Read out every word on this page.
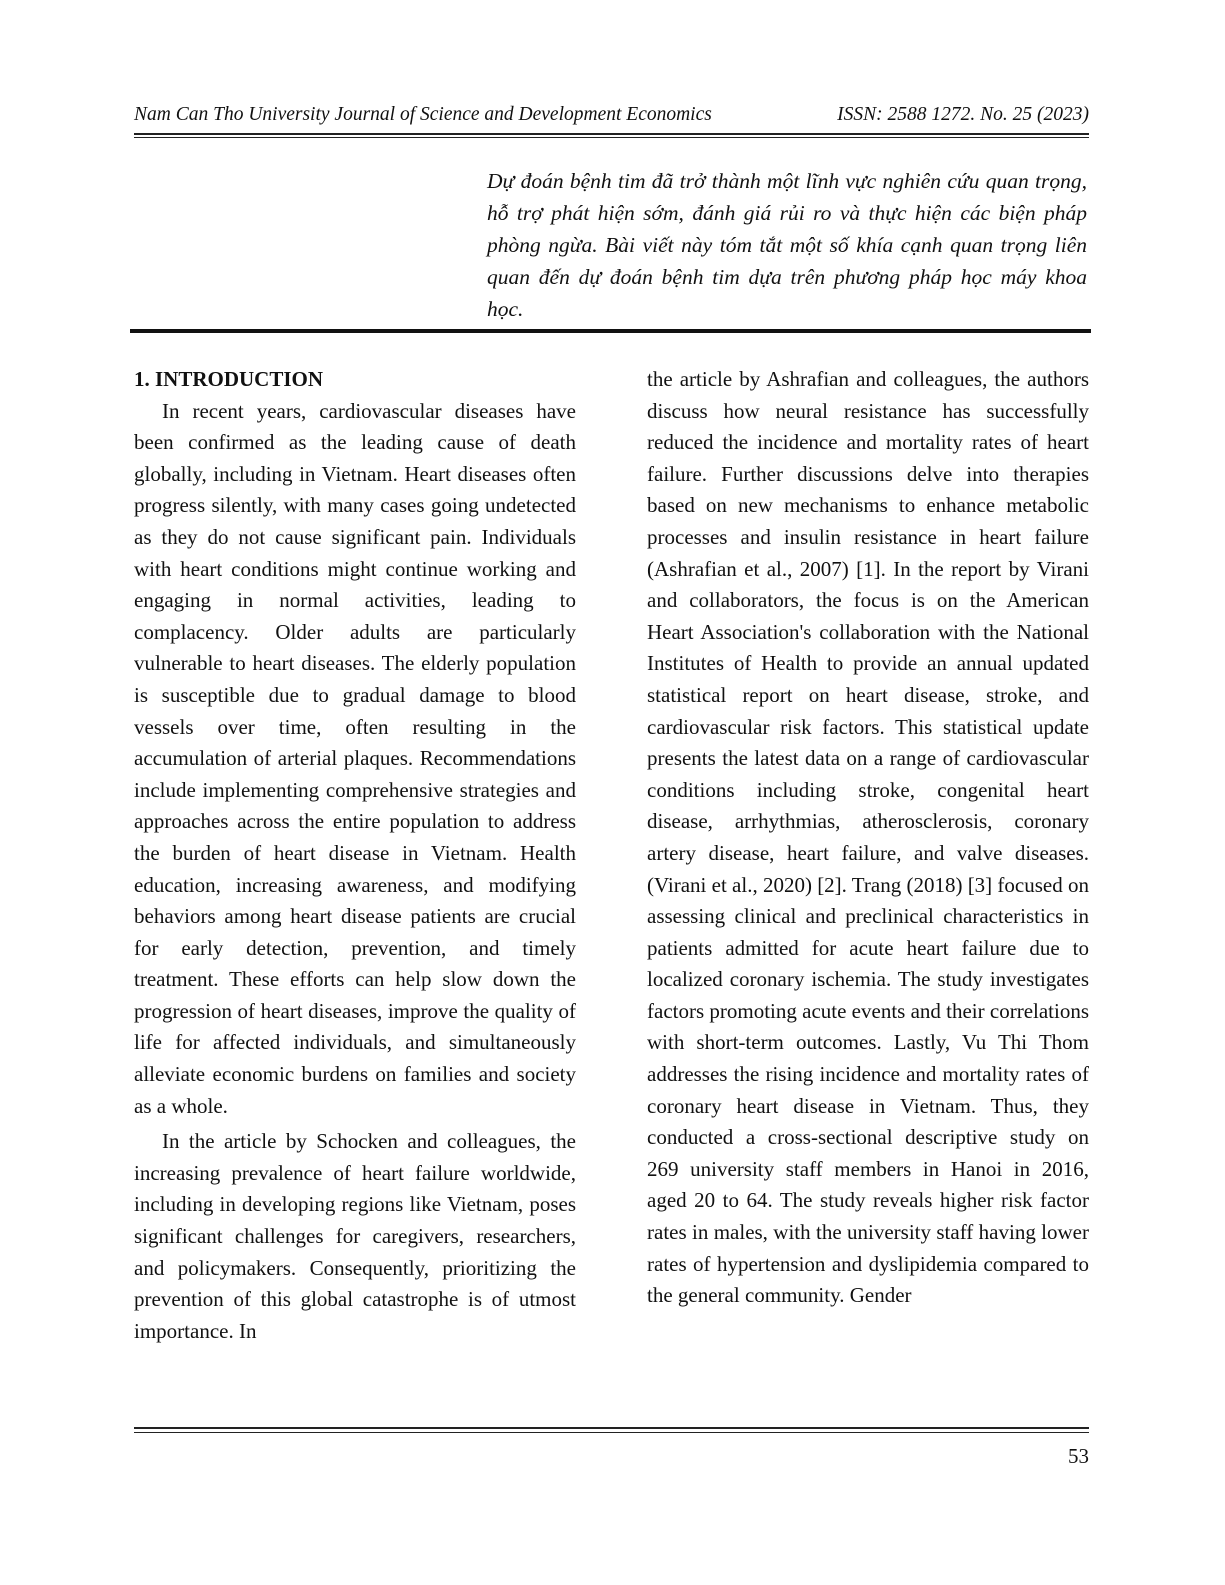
Nam Can Tho University Journal of Science and Development Economics	ISSN: 2588 1272. No. 25 (2023)
Dự đoán bệnh tim đã trở thành một lĩnh vực nghiên cứu quan trọng, hỗ trợ phát hiện sớm, đánh giá rủi ro và thực hiện các biện pháp phòng ngừa. Bài viết này tóm tắt một số khía cạnh quan trọng liên quan đến dự đoán bệnh tim dựa trên phương pháp học máy khoa học.

1. INTRODUCTION

In recent years, cardiovascular diseases have been confirmed as the leading cause of death globally, including in Vietnam. Heart diseases often progress silently, with many cases going undetected as they do not cause significant pain. Individuals with heart conditions might continue working and engaging in normal activities, leading to complacency. Older adults are particularly vulnerable to heart diseases. The elderly population is susceptible due to gradual damage to blood vessels over time, often resulting in the accumulation of arterial plaques. Recommendations include implementing comprehensive strategies and approaches across the entire population to address the burden of heart disease in Vietnam. Health education, increasing awareness, and modifying behaviors among heart disease patients are crucial for early detection, prevention, and timely treatment. These efforts can help slow down the progression of heart diseases, improve the quality of life for affected individuals, and simultaneously alleviate economic burdens on families and society as a whole.

In the article by Schocken and colleagues, the increasing prevalence of heart failure worldwide, including in developing regions like Vietnam, poses significant challenges for caregivers, researchers, and policymakers. Consequently, prioritizing the prevention of this global catastrophe is of utmost importance. In

the article by Ashrafian and colleagues, the authors discuss how neural resistance has successfully reduced the incidence and mortality rates of heart failure. Further discussions delve into therapies based on new mechanisms to enhance metabolic processes and insulin resistance in heart failure (Ashrafian et al., 2007) [1]. In the report by Virani and collaborators, the focus is on the American Heart Association's collaboration with the National Institutes of Health to provide an annual updated statistical report on heart disease, stroke, and cardiovascular risk factors. This statistical update presents the latest data on a range of cardiovascular conditions including stroke, congenital heart disease, arrhythmias, atherosclerosis, coronary artery disease, heart failure, and valve diseases. (Virani et al., 2020) [2]. Trang (2018) [3] focused on assessing clinical and preclinical characteristics in patients admitted for acute heart failure due to localized coronary ischemia. The study investigates factors promoting acute events and their correlations with short-term outcomes. Lastly, Vu Thi Thom addresses the rising incidence and mortality rates of coronary heart disease in Vietnam. Thus, they conducted a cross-sectional descriptive study on 269 university staff members in Hanoi in 2016, aged 20 to 64. The study reveals higher risk factor rates in males, with the university staff having lower rates of hypertension and dyslipidemia compared to the general community. Gender

53
